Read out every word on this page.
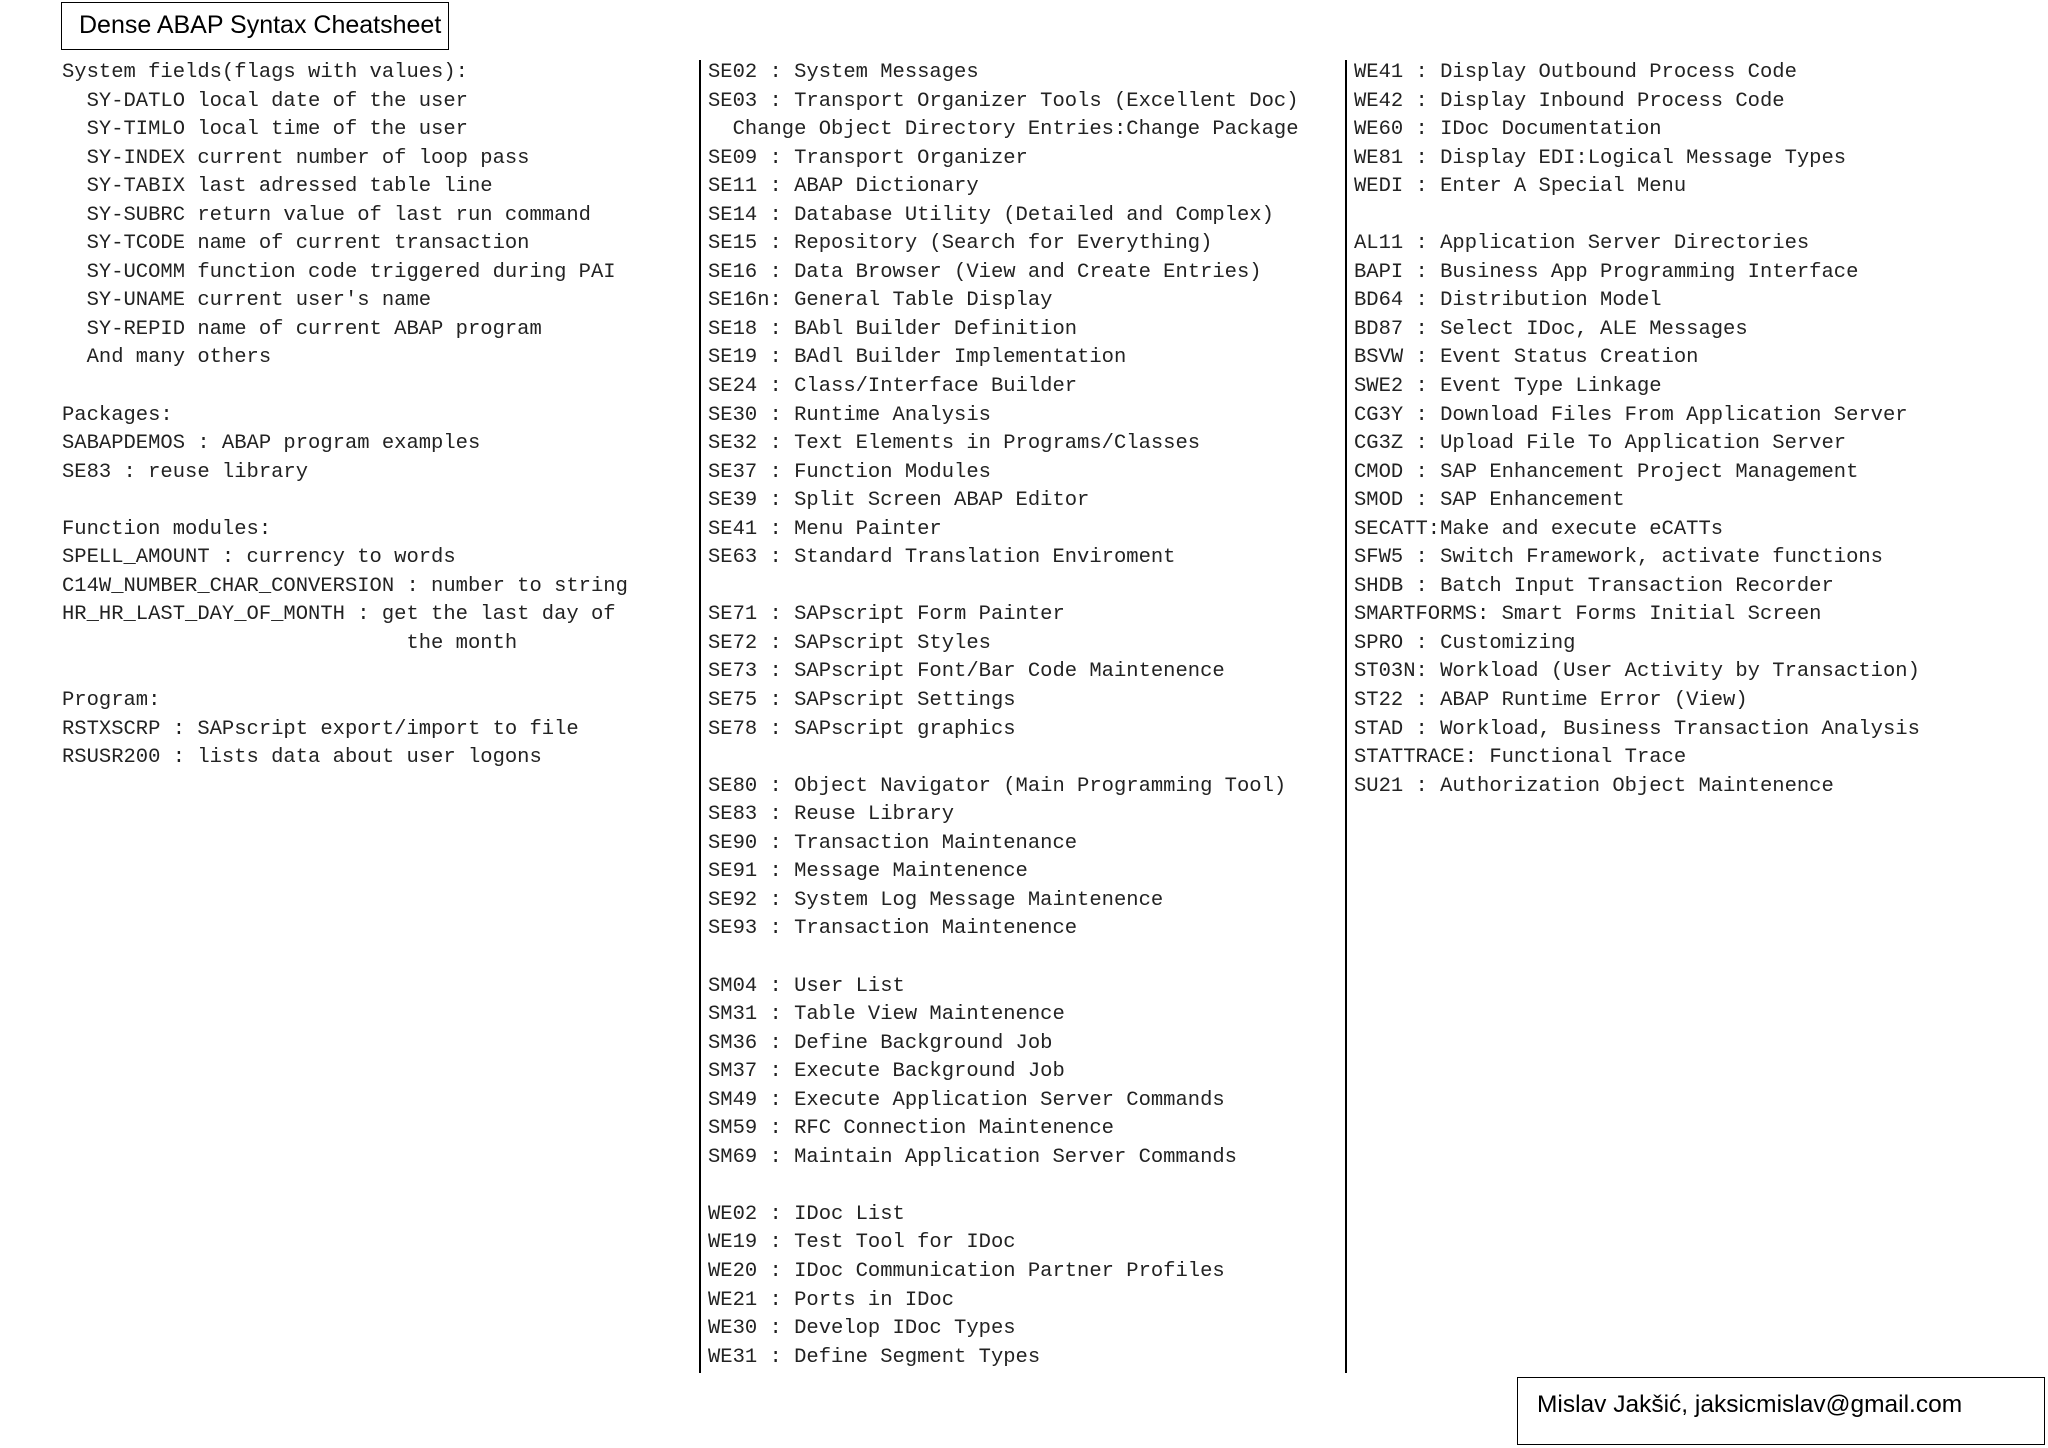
Dense ABAP Syntax Cheatsheet
System fields(flags with values):
SY-DATLO local date of the user
SY-TIMLO local time of the user
SY-INDEX current number of loop pass
SY-TABIX last adressed table line
SY-SUBRC return value of last run command
SY-TCODE name of current transaction
SY-UCOMM function code triggered during PAI
SY-UNAME current user's name
SY-REPID name of current ABAP program
And many others
Packages:
SABAPDEMOS : ABAP program examples
SE83 : reuse library
Function modules:
SPELL_AMOUNT : currency to words
C14W_NUMBER_CHAR_CONVERSION : number to string
HR_HR_LAST_DAY_OF_MONTH : get the last day of
the month
Program:
RSTXSCRP : SAPscript export/import to file
RSUSR200 : lists data about user logons
SE02 : System Messages
SE03 : Transport Organizer Tools (Excellent Doc)
Change Object Directory Entries:Change Package
SE09 : Transport Organizer
SE11 : ABAP Dictionary
SE14 : Database Utility (Detailed and Complex)
SE15 : Repository (Search for Everything)
SE16 : Data Browser (View and Create Entries)
SE16n: General Table Display
SE18 : BAbl Builder Definition
SE19 : BAdl Builder Implementation
SE24 : Class/Interface Builder
SE30 : Runtime Analysis
SE32 : Text Elements in Programs/Classes
SE37 : Function Modules
SE39 : Split Screen ABAP Editor
SE41 : Menu Painter
SE63 : Standard Translation Enviroment
SE71 : SAPscript Form Painter
SE72 : SAPscript Styles
SE73 : SAPscript Font/Bar Code Maintenence
SE75 : SAPscript Settings
SE78 : SAPscript graphics
SE80 : Object Navigator (Main Programming Tool)
SE83 : Reuse Library
SE90 : Transaction Maintenance
SE91 : Message Maintenence
SE92 : System Log Message Maintenence
SE93 : Transaction Maintenence
SM04 : User List
SM31 : Table View Maintenence
SM36 : Define Background Job
SM37 : Execute Background Job
SM49 : Execute Application Server Commands
SM59 : RFC Connection Maintenence
SM69 : Maintain Application Server Commands
WE02 : IDoc List
WE19 : Test Tool for IDoc
WE20 : IDoc Communication Partner Profiles
WE21 : Ports in IDoc
WE30 : Develop IDoc Types
WE31 : Define Segment Types
WE41 : Display Outbound Process Code
WE42 : Display Inbound Process Code
WE60 : IDoc Documentation
WE81 : Display EDI:Logical Message Types
WEDI : Enter A Special Menu
AL11 : Application Server Directories
BAPI : Business App Programming Interface
BD64 : Distribution Model
BD87 : Select IDoc, ALE Messages
BSVW : Event Status Creation
SWE2 : Event Type Linkage
CG3Y : Download Files From Application Server
CG3Z : Upload File To Application Server
CMOD : SAP Enhancement Project Management
SMOD : SAP Enhancement
SECATT:Make and execute eCATTs
SFW5 : Switch Framework, activate functions
SHDB : Batch Input Transaction Recorder
SMARTFORMS: Smart Forms Initial Screen
SPRO : Customizing
ST03N: Workload (User Activity by Transaction)
ST22 : ABAP Runtime Error (View)
STAD : Workload, Business Transaction Analysis
STATTRACE: Functional Trace
SU21 : Authorization Object Maintenence
Mislav Jakšić, jaksicmislav@gmail.com
